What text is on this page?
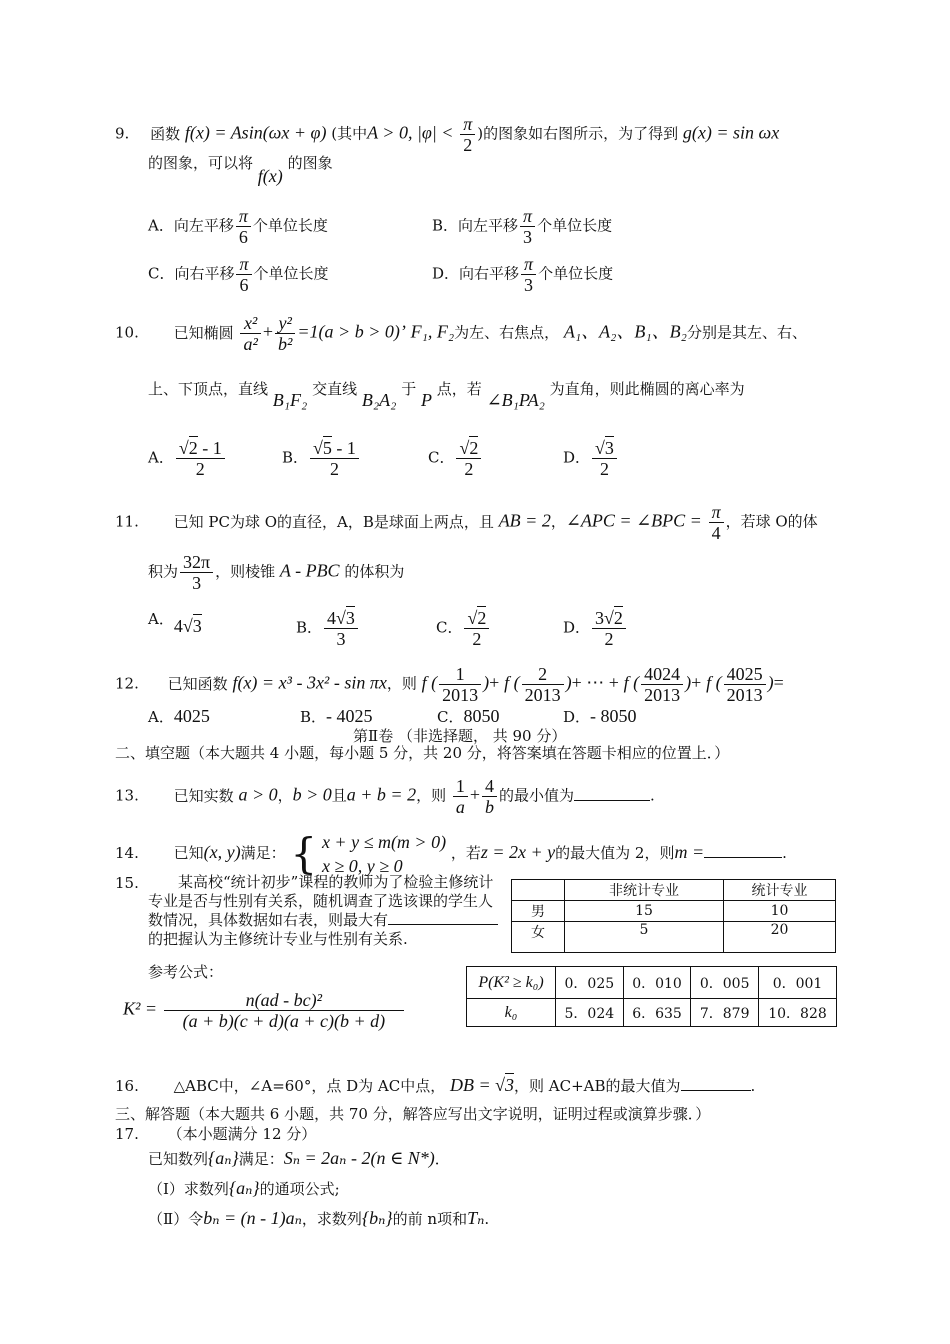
9. 函数 f(x) = Asin(ωx + φ) (其中A > 0, $|\varphi| < \frac{\pi}{2}$ )的图象如右图所示，为了得到 g(x) = sin ωx
的图象，可以将 f(x) 的图象
A．向左平移 $\frac{\pi}{6}$ 个单位长度	B．向左平移 $\frac{\pi}{3}$ 个单位长度
C．向右平移 $\frac{\pi}{6}$ 个单位长度	D．向右平移 $\frac{\pi}{3}$ 个单位长度
10. 已知椭圆 $\frac{\text{x²}}{\text{a²}} + \frac{\text{y²}}{\text{b²}} =1(a > b > 0)$’ F₁, F₂为左、右焦点， A₁、A₂、B₁、B₂分别是其左、右、
上、下顶点，直线 B₁F₂ 交直线 B₂A₂ 于 P 点，若 ∠B₁PA₂ 为直角，则此椭圆的离心率为
A． $\frac{√2 - 1}{2}$	B． $\frac{√5 - 1}{2}$	C． $\frac{√2}{2}$	D． $\frac{√3}{2}$
11. 已知 PC为球 O的直径，A，B是球面上两点，且 AB = 2，∠APC = ∠BPC = $\frac{\pi}{4}$ ，若球 O的体
积为 $\frac{32\pi}{3}$ ，则棱锥 A - PBC 的体积为
A．4√3	B． $\frac{4√3}{3}$	C． $\frac{√2}{2}$	D． $\frac{3√2}{2}$
12. 已知函数 f(x) = x³ - 3x² - sin πx，则 f ( $\frac{1}{2013}$ )+ f ( $\frac{2}{2013}$ )+ ⋯ + f ( $\frac{4024}{2013}$ )+ f ( $\frac{4025}{2013}$ )=
A．4025	B．- 4025	C．8050	D．- 8050
第Ⅱ卷 （非选择题， 共 90 分）
二、填空题（本大题共 4 小题，每小题 5 分，共 20 分，将答案填在答题卡相应的位置上．）
13. 已知实数 a > 0，b > 0且a + b = 2，则 $\frac{1}{a} + \frac{4}{b}$ 的最小值为	.
14. 已知(x, y)满足： { x + y ≤ m(m > 0)
x ≥ 0, y ≥ 0
，若z = 2x + y的最大值为 2，则m =	.
15.	某高校“统计初步”课程的教师为了检验主修统计专业是否与性别有关系，随机调查了选该课的学生人数情况，具体数据如右表，则最大有的把握认为主修统计专业与性别有关系.
参考公式：
$K^2 = \frac{\text{n(ad - bc)²}}{(a + b)(c + d)(a + c)(b + d)}$
	非统计专业	统计专业
男	15	10
女	5	20
P(K² ≥ k₀)	0．025	0．010	0．005	0．001
k₀	5．024	6．635	7．879	10．828
16. △ABC中，∠A=60°，点 D为 AC中点， DB = √3，则 AC+AB的最大值为	.
三、解答题（本大题共 6 小题，共 70 分，解答应写出文字说明，证明过程或演算步骤．）
17. （本小题满分 12 分）
已知数列{aₙ}满足：Sₙ = 2aₙ - 2(n ∈ N*)．
（Ⅰ）求数列{aₙ}的通项公式;
（Ⅱ）令bₙ = (n - 1)aₙ，求数列{bₙ}的前 n项和Tₙ.
